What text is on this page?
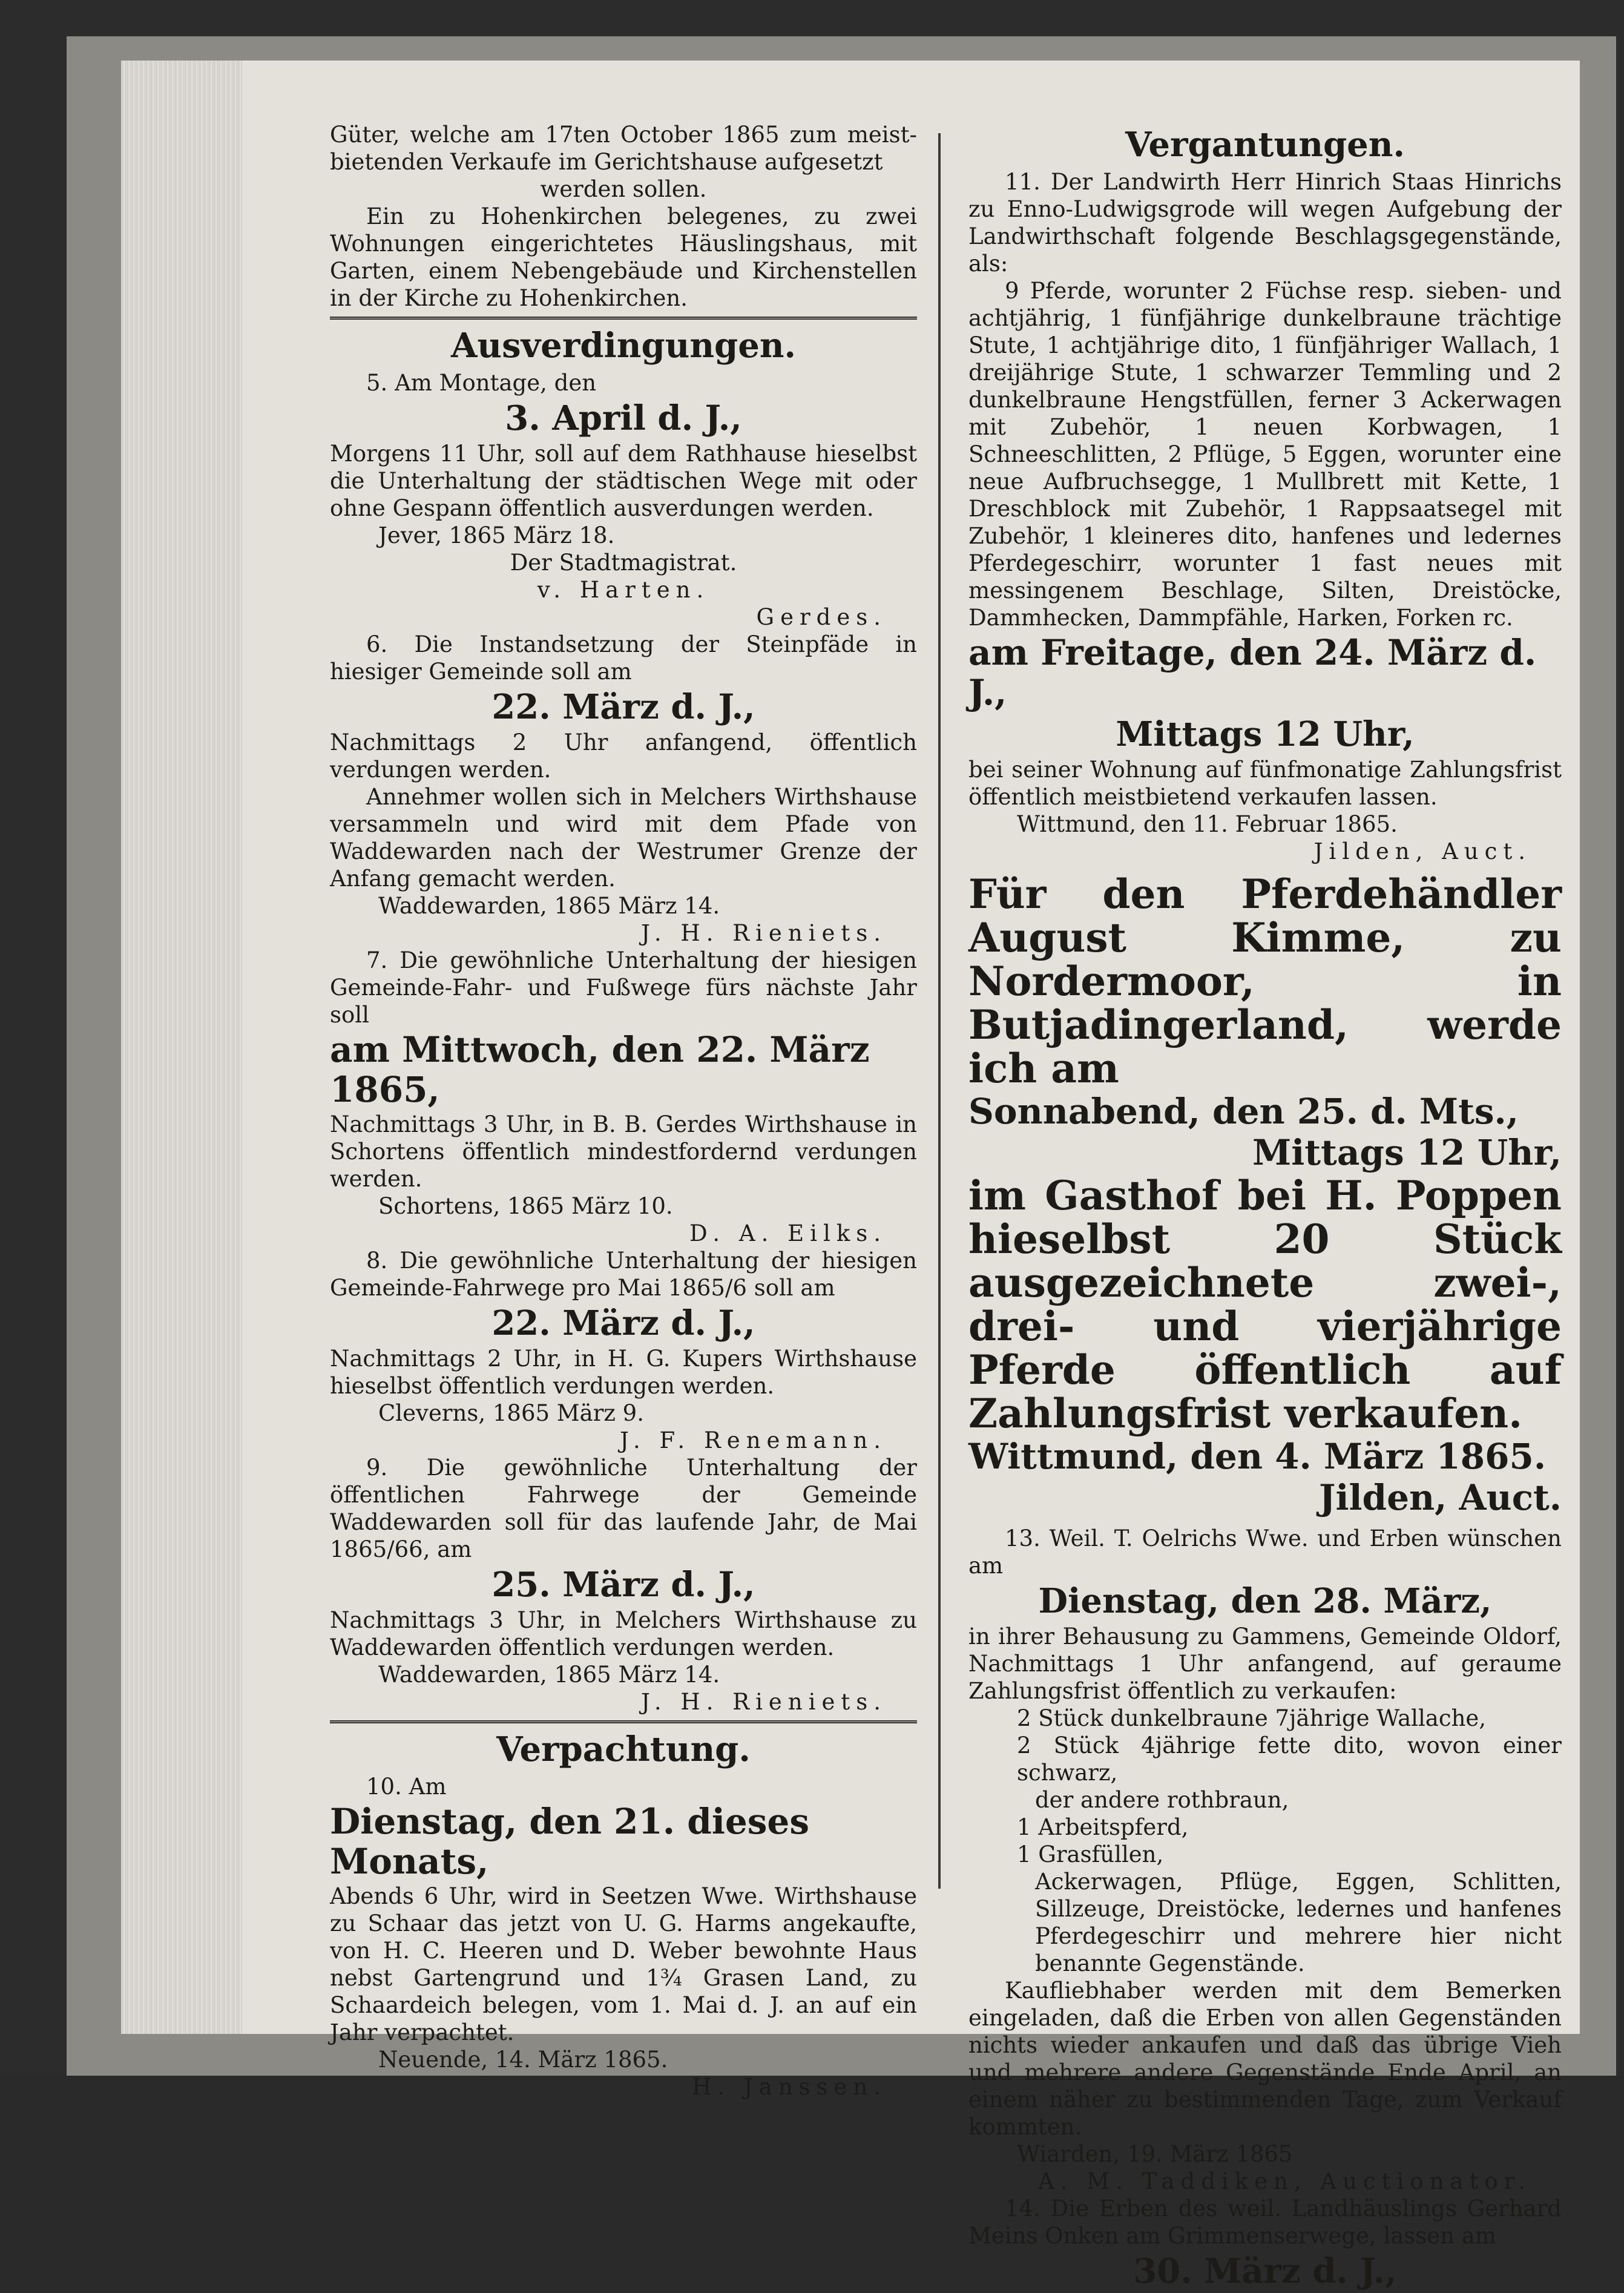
Güter, welche am 17ten October 1865 zum meist-bietenden Verkaufe im Gerichtshause aufgesetzt

werden sollen.

Ein zu Hohenkirchen belegenes, zu zwei Wohnungen eingerichtetes Häuslingshaus, mit Garten, einem Nebengebäude und Kirchenstellen in der Kirche zu Hohenkirchen.

Ausverdingungen.

5. Am Montage, den

3. April d. J.,

Morgens 11 Uhr, soll auf dem Rathhause hieselbst die Unterhaltung der städtischen Wege mit oder ohne Gespann öffentlich ausverdungen werden.

Jever, 1865 März 18.

Der Stadtmagistrat.

v. Harten.

Gerdes.

6. Die Instandsetzung der Steinpfäde in hiesiger Gemeinde soll am

22. März d. J.,

Nachmittags 2 Uhr anfangend, öffentlich verdungen werden.

Annehmer wollen sich in Melchers Wirthshause versammeln und wird mit dem Pfade von Waddewarden nach der Westrumer Grenze der Anfang gemacht werden.

Waddewarden, 1865 März 14.

J. H. Rieniets.

7. Die gewöhnliche Unterhaltung der hiesigen Gemeinde-Fahr- und Fußwege fürs nächste Jahr soll

am Mittwoch, den 22. März 1865,

Nachmittags 3 Uhr, in B. B. Gerdes Wirthshause in Schortens öffentlich mindestfordernd verdungen werden.

Schortens, 1865 März 10.

D. A. Eilks.

8. Die gewöhnliche Unterhaltung der hiesigen Gemeinde-Fahrwege pro Mai 1865/6 soll am

22. März d. J.,

Nachmittags 2 Uhr, in H. G. Kupers Wirthshause hieselbst öffentlich verdungen werden.

Cleverns, 1865 März 9.

J. F. Renemann.

9. Die gewöhnliche Unterhaltung der öffentlichen Fahrwege der Gemeinde Waddewarden soll für das laufende Jahr, de Mai 1865/66, am

25. März d. J.,

Nachmittags 3 Uhr, in Melchers Wirthshause zu Waddewarden öffentlich verdungen werden.

Waddewarden, 1865 März 14.

J. H. Rieniets.

Verpachtung.

10. Am

Dienstag, den 21. dieses Monats,

Abends 6 Uhr, wird in Seetzen Wwe. Wirthshause zu Schaar das jetzt von U. G. Harms angekaufte, von H. C. Heeren und D. Weber bewohnte Haus nebst Gartengrund und 1¾ Grasen Land, zu Schaardeich belegen, vom 1. Mai d. J. an auf ein Jahr verpachtet.

Neuende, 14. März 1865.

H. Janssen.

Vergantungen.

11. Der Landwirth Herr Hinrich Staas Hinrichs zu Enno-Ludwigsgrode will wegen Aufgebung der Landwirthschaft folgende Beschlagsgegenstände, als:

9 Pferde, worunter 2 Füchse resp. sieben- und achtjährig, 1 fünfjährige dunkelbraune trächtige Stute, 1 achtjährige dito, 1 fünfjähriger Wallach, 1 dreijährige Stute, 1 schwarzer Temmling und 2 dunkelbraune Hengstfüllen, ferner 3 Ackerwagen mit Zubehör, 1 neuen Korbwagen, 1 Schneeschlitten, 2 Pflüge, 5 Eggen, worunter eine neue Aufbruchsegge, 1 Mullbrett mit Kette, 1 Dreschblock mit Zubehör, 1 Rappsaatsegel mit Zubehör, 1 kleineres dito, hanfenes und ledernes Pferdegeschirr, worunter 1 fast neues mit messingenem Beschlage, Silten, Dreistöcke, Dammhecken, Dammpfähle, Harken, Forken rc.

am Freitage, den 24. März d. J.,
Mittags 12 Uhr,

bei seiner Wohnung auf fünfmonatige Zahlungsfrist öffentlich meistbietend verkaufen lassen.

Wittmund, den 11. Februar 1865.

Jilden, Auct.

Für den Pferdehändler August Kimme, zu Nordermoor, in Butjadingerland, werde ich am

Sonnabend, den 25. d. Mts.,
Mittags 12 Uhr,

im Gasthof bei H. Poppen hieselbst 20 Stück ausgezeichnete zwei-, drei- und vierjährige Pferde öffentlich auf Zahlungsfrist verkaufen.

Wittmund, den 4. März 1865.
Jilden, Auct.

13. Weil. T. Oelrichs Wwe. und Erben wünschen am

Dienstag, den 28. März,

in ihrer Behausung zu Gammens, Gemeinde Oldorf, Nachmittags 1 Uhr anfangend, auf geraume Zahlungsfrist öffentlich zu verkaufen:

2 Stück dunkelbraune 7jährige Wallache,

2 Stück 4jährige fette dito, wovon einer schwarz,

der andere rothbraun,

1 Arbeitspferd,

1 Grasfüllen,

Ackerwagen, Pflüge, Eggen, Schlitten, Sillzeuge, Dreistöcke, ledernes und hanfenes Pferdegeschirr und mehrere hier nicht benannte Gegenstände.

Kaufliebhaber werden mit dem Bemerken eingeladen, daß die Erben von allen Gegenständen nichts wieder ankaufen und daß das übrige Vieh und mehrere andere Gegenstände Ende April, an einem näher zu bestimmenden Tage, zum Verkauf kommten.

Wiarden, 19. März 1865

A. M. Taddiken, Auctionator.

14. Die Erben des weil. Landhäuslings Gerhard Meins Onken am Grimmenserwege, lassen am

30. März d. J.,
